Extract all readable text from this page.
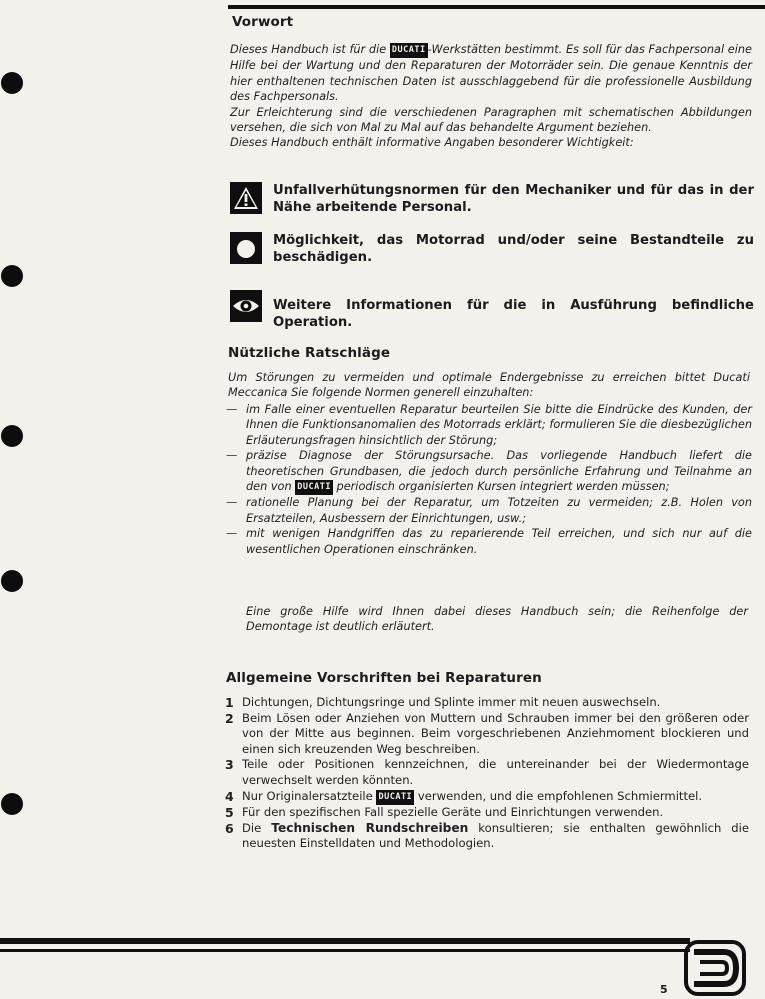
Vorwort

Dieses Handbuch ist für die DUCATI -Werkstätten bestimmt. Es soll für das Fachpersonal eine Hilfe bei der Wartung und den Reparaturen der Motorräder sein. Die genaue Kenntnis der hier enthaltenen technischen Daten ist ausschlaggebend für die professionelle Ausbildung des Fachpersonals.

Zur Erleichterung sind die verschiedenen Paragraphen mit schematischen Abbildungen versehen, die sich von Mal zu Mal auf das behandelte Argument beziehen.

Dieses Handbuch enthält informative Angaben besonderer Wichtigkeit:

Unfallverhütungsnormen für den Mechaniker und für das in der Nähe arbeitende Personal.
Möglichkeit, das Motorrad und/oder seine Bestandteile zu beschädigen.
Weitere Informationen für die in Ausführung befindliche Operation.
Nützliche Ratschläge

Um Störungen zu vermeiden und optimale Endergebnisse zu erreichen bittet Ducati Meccanica Sie folgende Normen generell einzuhalten:

— im Falle einer eventuellen Reparatur beurteilen Sie bitte die Eindrücke des Kunden, der Ihnen die Funktionsanomalien des Motorrads erklärt; formulieren Sie die diesbezüglichen Erläuterungsfragen hinsichtlich der Störung;
— präzise Diagnose der Störungsursache. Das vorliegende Handbuch liefert die theoretischen Grundbasen, die jedoch durch persönliche Erfahrung und Teilnahme an den von DUCATI periodisch organisierten Kursen integriert werden müssen;
— rationelle Planung bei der Reparatur, um Totzeiten zu vermeiden; z.B. Holen von Ersatzteilen, Ausbessern der Einrichtungen, usw.;
— mit wenigen Handgriffen das zu reparierende Teil erreichen, und sich nur auf die wesentlichen Operationen einschränken.

Eine große Hilfe wird Ihnen dabei dieses Handbuch sein; die Reihenfolge der Demontage ist deutlich erläutert.

Allgemeine Vorschriften bei Reparaturen
1 Dichtungen, Dichtungsringe und Splinte immer mit neuen auswechseln.
2 Beim Lösen oder Anziehen von Muttern und Schrauben immer bei den größeren oder von der Mitte aus beginnen. Beim vorgeschriebenen Anziehmoment blockieren und einen sich kreuzenden Weg beschreiben.
3 Teile oder Positionen kennzeichnen, die untereinander bei der Wiedermontage verwechselt werden könnten.
4 Nur Originalersatzteile DUCATI verwenden, und die empfohlenen Schmiermittel.
5 Für den spezifischen Fall spezielle Geräte und Einrichtungen verwenden.
6 Die Technischen Rundschreiben konsultieren; sie enthalten gewöhnlich die neuesten Einstelldaten und Methodologien.
5
